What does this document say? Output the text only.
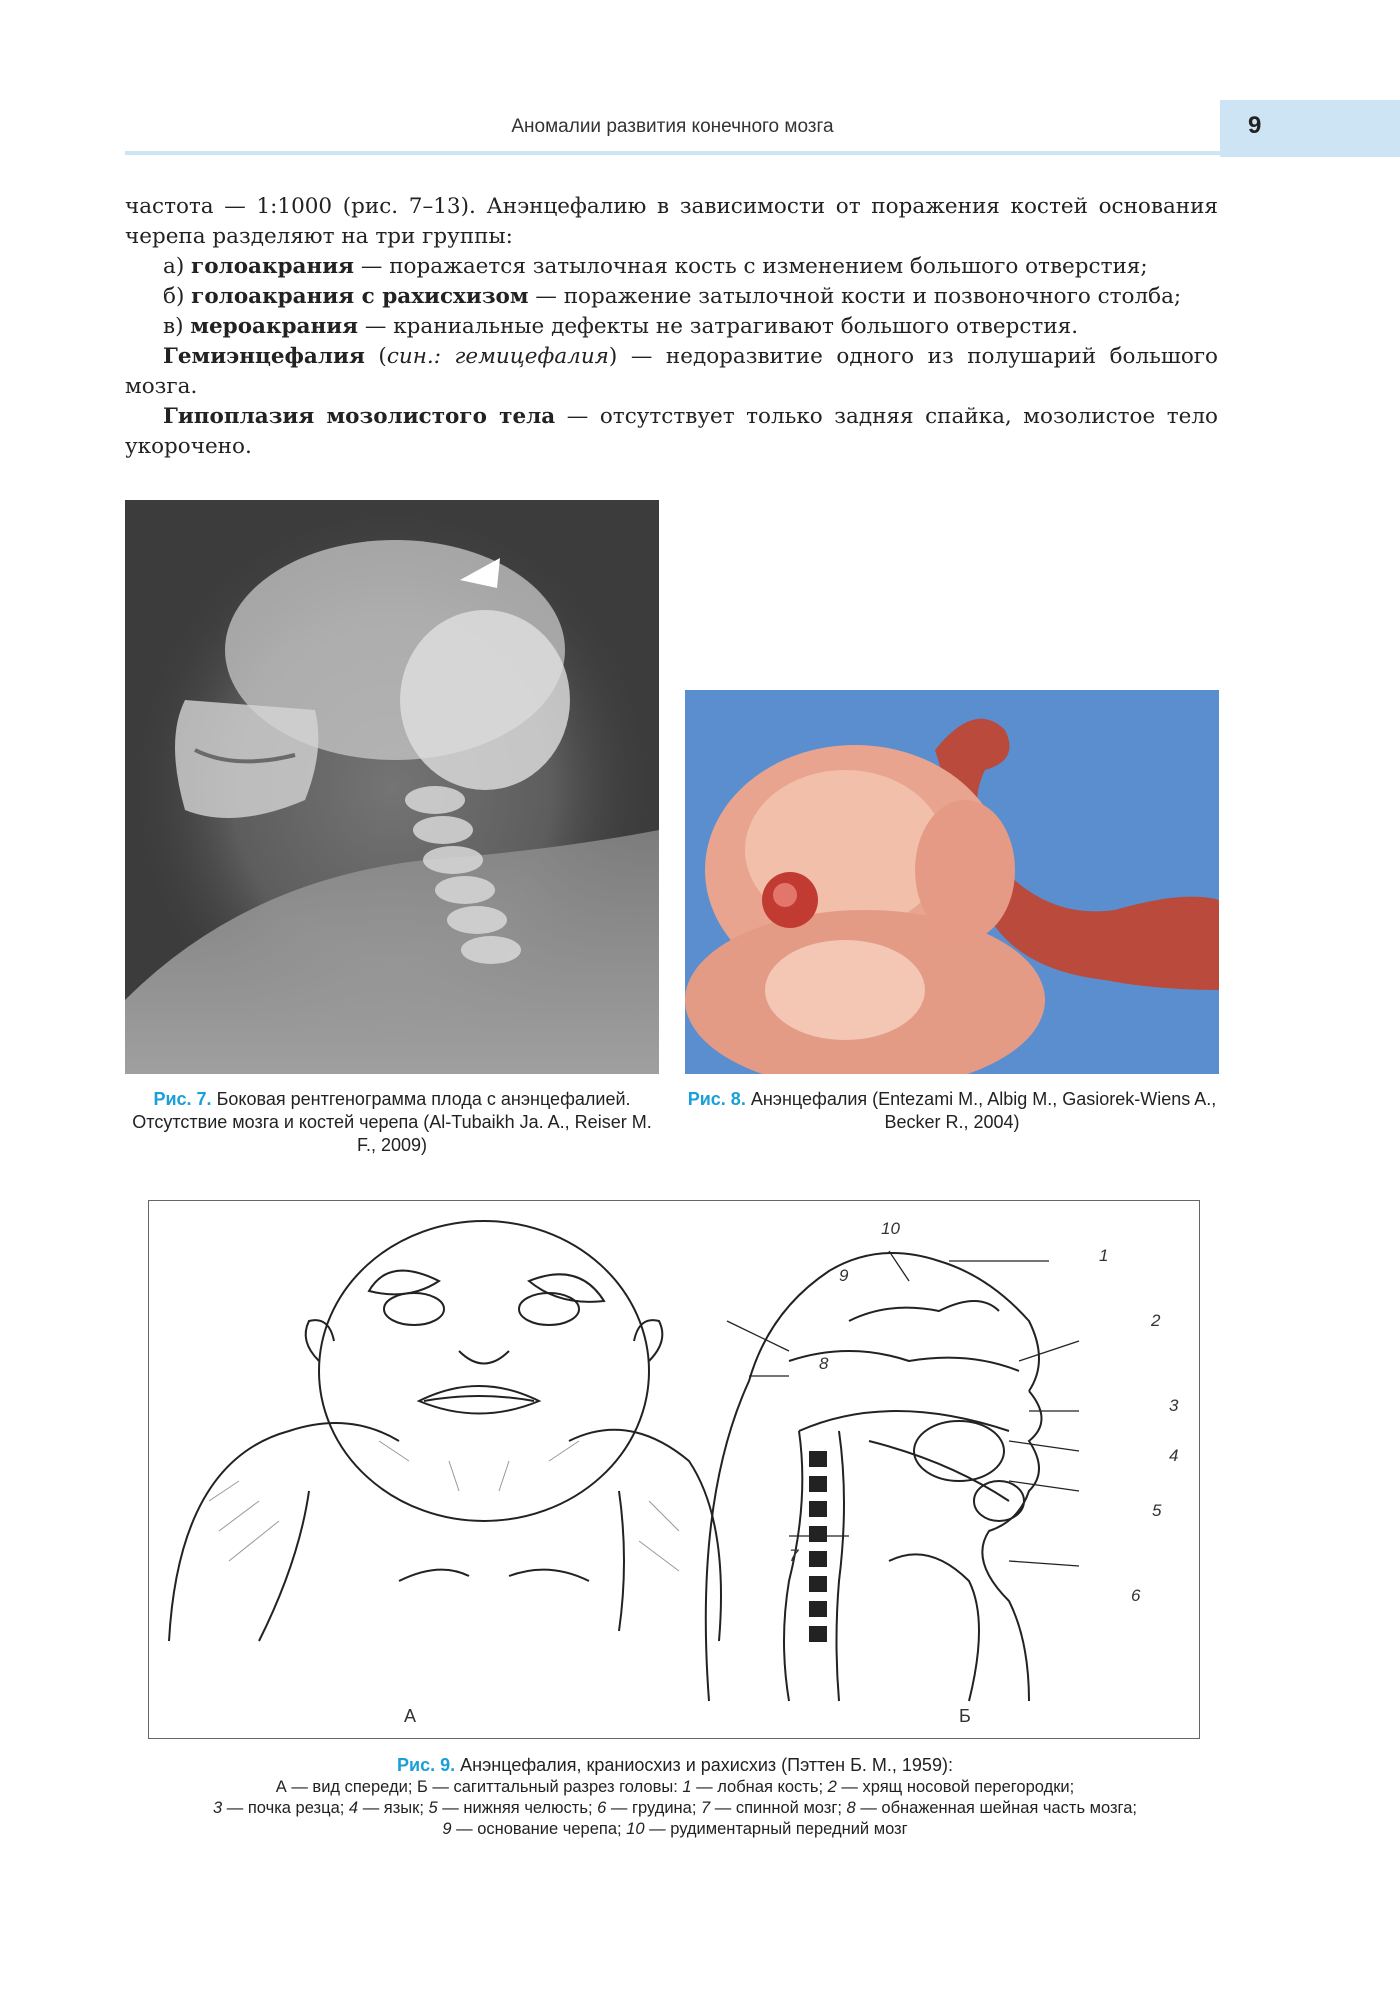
Аномалии развития конечного мозга	9

частота — 1:1000 (рис. 7–13). Анэнцефалию в зависимости от поражения костей основания черепа разделяют на три группы:

а) голоакрания — поражается затылочная кость с изменением большого отверстия;

б) голоакрания с рахисхизом — поражение затылочной кости и позвоночного столба;

в) мероакрания — краниальные дефекты не затрагивают большого отверстия.

Гемиэнцефалия (син.: гемицефалия) — недоразвитие одного из полушарий большого мозга.

Гипоплазия мозолистого тела — отсутствует только задняя спайка, мозолистое тело укорочено.

Рис. 7. Боковая рентгенограмма плода с анэнцефалией. Отсутствие мозга и костей черепа (Al-Tubaikh Ja. A., Reiser M. F., 2009)
Рис. 8. Анэнцефалия (Entezami M., Albig M., Gasiorek-Wiens A., Becker R., 2004)
А	Б
1
2
3
4
5
6
7
8
9
10
Рис. 9. Анэнцефалия, краниосхиз и рахисхиз (Пэттен Б. М., 1959):
А — вид спереди; Б — сагиттальный разрез головы: 1 — лобная кость; 2 — хрящ носовой перегородки;
3 — почка резца; 4 — язык; 5 — нижняя челюсть; 6 — грудина; 7 — спинной мозг; 8 — обнаженная шейная часть мозга;
9 — основание черепа; 10 — рудиментарный передний мозг
